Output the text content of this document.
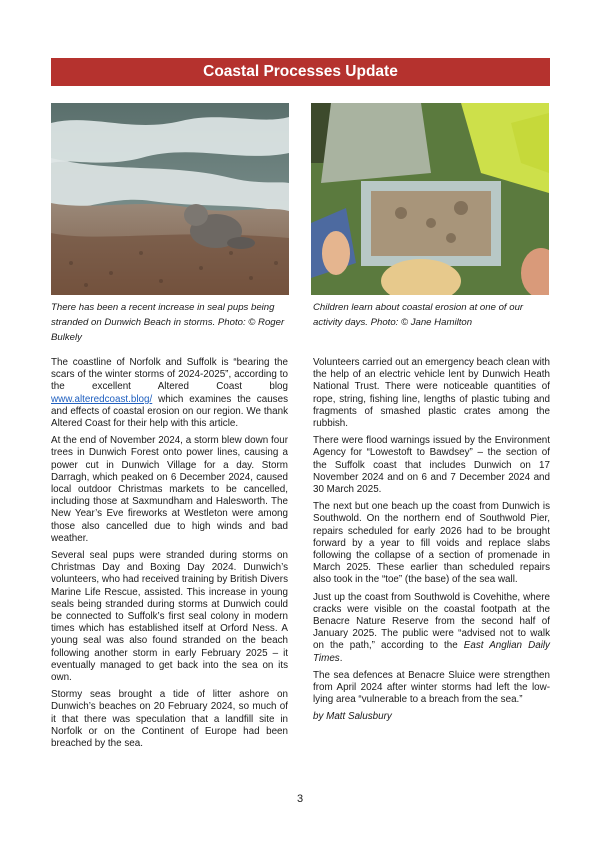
Coastal Processes Update
There has been a recent increase in seal pups being stranded on Dunwich Beach in storms. Photo: © Roger Bulkely
Children learn about coastal erosion at one of our activity days. Photo: © Jane Hamilton

The coastline of Norfolk and Suffolk is “bearing the scars of the winter storms of 2024-2025”, according to the excellent Altered Coast blog www.alteredcoast.blog/ which examines the causes and effects of coastal erosion on our region. We thank Altered Coast for their help with this article.

At the end of November 2024, a storm blew down four trees in Dunwich Forest onto power lines, causing a power cut in Dunwich Village for a day. Storm Darragh, which peaked on 6 December 2024, caused local outdoor Christmas markets to be cancelled, including those at Saxmundham and Halesworth. The New Year’s Eve fireworks at Westleton were among those also cancelled due to high winds and bad weather.

Several seal pups were stranded during storms on Christmas Day and Boxing Day 2024. Dunwich’s volunteers, who had received training by British Divers Marine Life Rescue, assisted. This increase in young seals being stranded during storms at Dunwich could be connected to Suffolk’s first seal colony in modern times which has established itself at Orford Ness. A young seal was also found stranded on the beach following another storm in early February 2025 – it eventually managed to get back into the sea on its own.

Stormy seas brought a tide of litter ashore on Dunwich’s beaches on 20 February 2024, so much of it that there was speculation that a landfill site in Norfolk or on the Continent of Europe had been breached by the sea.

Volunteers carried out an emergency beach clean with the help of an electric vehicle lent by Dunwich Heath National Trust. There were noticeable quantities of rope, string, fishing line, lengths of plastic tubing and fragments of smashed plastic crates among the rubbish.

There were flood warnings issued by the Environment Agency for “Lowestoft to Bawdsey” – the section of the Suffolk coast that includes Dunwich on 17 November 2024 and on 6 and 7 December 2024 and 30 March 2025.

The next but one beach up the coast from Dunwich is Southwold. On the northern end of Southwold Pier, repairs scheduled for early 2026 had to be brought forward by a year to fill voids and replace slabs following the collapse of a section of promenade in March 2025. These earlier than scheduled repairs also took in the “toe” (the base) of the sea wall.

Just up the coast from Southwold is Covehithe, where cracks were visible on the coastal footpath at the Benacre Nature Reserve from the second half of January 2025. The public were “advised not to walk on the path,” according to the East Anglian Daily Times.

The sea defences at Benacre Sluice were strengthen from April 2024 after winter storms had left the low-lying area “vulnerable to a breach from the sea.”

by Matt Salusbury

3
